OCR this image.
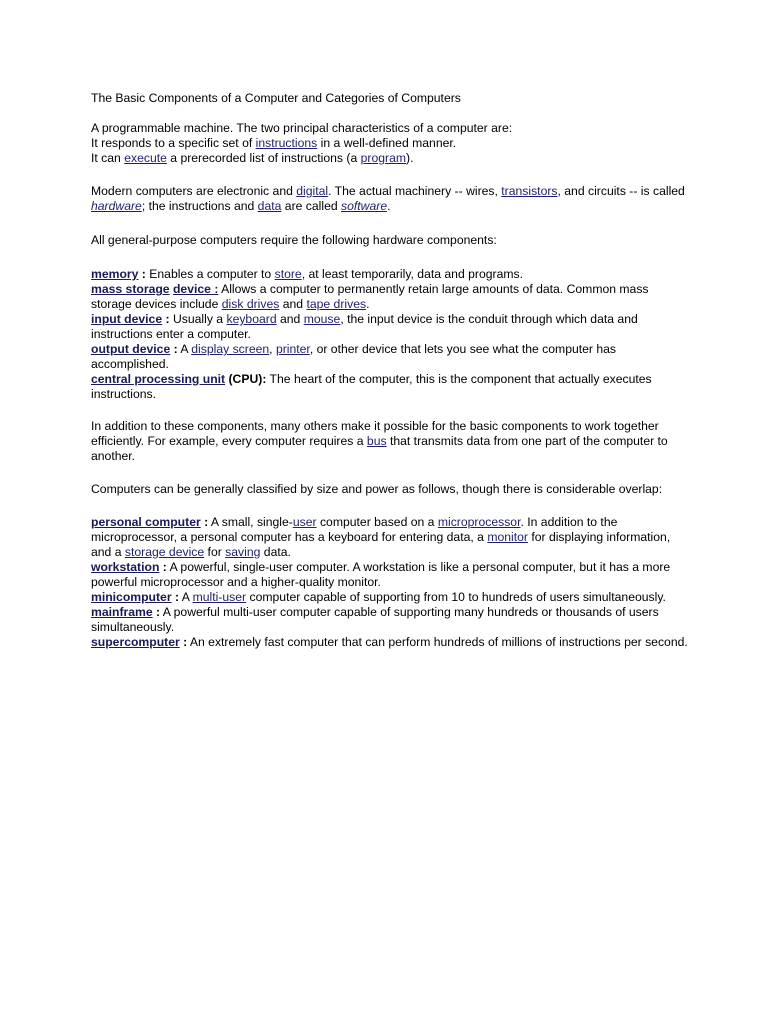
The Basic Components of a Computer and Categories of Computers

A programmable machine. The two principal characteristics of a computer are:

It responds to a specific set of instructions in a well-defined manner.

It can execute a prerecorded list of instructions (a program).

Modern computers are electronic and digital. The actual machinery -- wires, transistors, and circuits -- is called hardware; the instructions and data are called software.

All general-purpose computers require the following hardware components:

memory : Enables a computer to store, at least temporarily, data and programs.

mass storage device : Allows a computer to permanently retain large amounts of data. Common mass storage devices include disk drives and tape drives.

input device : Usually a keyboard and mouse, the input device is the conduit through which data and instructions enter a computer.

output device : A display screen, printer, or other device that lets you see what the computer has accomplished.

central processing unit (CPU): The heart of the computer, this is the component that actually executes instructions.

In addition to these components, many others make it possible for the basic components to work together efficiently. For example, every computer requires a bus that transmits data from one part of the computer to another.

Computers can be generally classified by size and power as follows, though there is considerable overlap:

personal computer : A small, single-user computer based on a microprocessor. In addition to the microprocessor, a personal computer has a keyboard for entering data, a monitor for displaying information, and a storage device for saving data.

workstation : A powerful, single-user computer. A workstation is like a personal computer, but it has a more powerful microprocessor and a higher-quality monitor.

minicomputer : A multi-user computer capable of supporting from 10 to hundreds of users simultaneously.

mainframe : A powerful multi-user computer capable of supporting many hundreds or thousands of users simultaneously.

supercomputer : An extremely fast computer that can perform hundreds of millions of instructions per second.
